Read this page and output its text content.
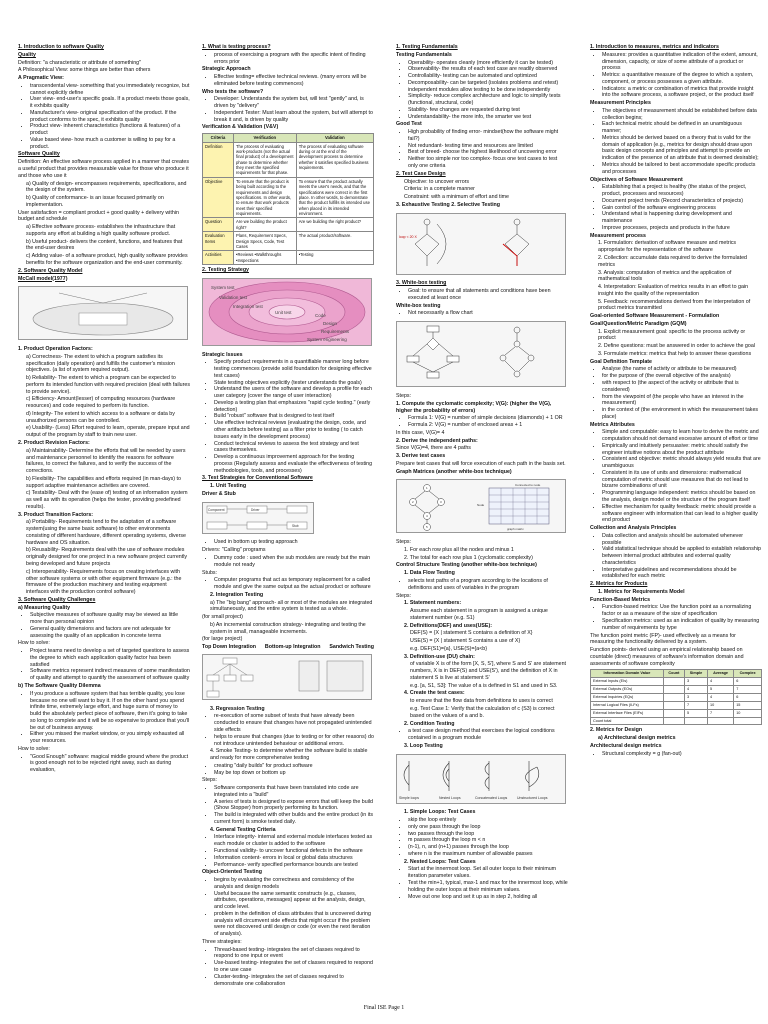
1. Introduction to software Quality

Quality

Definition: "a characteristic or attribute of something"

A Philosophical View: some things are better than others

A Pragmatic View:

• transcendental view- something that you immediately recognize, but cannot explicitly define
• User view- end-user's specific goals. If a product meets those goals, it exhibits quality
• Manufacturer's view- original specification of the product. If the product conforms to the spec, it exhibits quality
• Product view- inherent characteristics (functions & features) of a product
• Value based view- how much a customer is willing to pay for a product.

Software Quality

Definition: An effective software process applied in a manner that creates a useful product that provides measurable value for those who produce it and those who use it

a) Quality of design- encompasses requirements, specifications, and the design of the system.

b) Quality of conformance- is an issue focused primarily on implementation.

User satisfaction = compliant product + good quality + delivery within budget and schedule

a) Effective software process- establishes the infrastructure that supports any effort at building a high quality software product.

b) Useful product- delivers the content, functions, and features that the end-user desires

c) Adding value- of a software product, high quality software provides benefits for the software organization and the end-user community.

2. Software Quality Model

McCall model(1977)

1. Product Operation Factors:

a) Correctness- The extent to which a program satisfies its specification (daily operation) and fulfills the customer's mission objectives. (a list of system required output).

b) Reliability- The extent to which a program can be expected to perform its intended function with required precision (deal with failures to provide service).

c) Efficiency- Amount(lesser) of computing resources (hardware resources) and code required to perform its function.

d) Integrity- The extent to which access to a software or data by unauthorized persons can be controlled.

e) Usability- (Less) Effort required to learn, operate, prepare input and output of the program by staff to train new user.

2. Product Revision Factors:

a) Maintainability- Determine the efforts that will be needed by users and maintenance personnel to identify the reasons for software failures, to correct the failures, and to verify the success of the corrections.

b) Flexibility- The capabilities and efforts required (in man-days) to support adaptive maintenance activities are covered.

c) Testability- Deal with the (ease of) testing of an information system as well as with its operation (helps the tester, providing predefined results).

3. Product Transition Factors:

a) Portability- Requirements tend to the adaptation of a software system(using the same basic software) to other environments consisting of different hardware, different operating systems, diverse hardware and OS situation.

b) Reusability- Requirements deal with the use of software modules originally designed for one project in a new software project currently being developed and future projects

c) Interoperability- Requirements focus on creating interfaces with other software systems or with other equipment firmware (e.g.: the firmware of the production machinery and testing equipment interfaces with the production control software)

3. Software Quality Challenges

a) Measuring Quality

• Subjective measures of software quality may be viewed as little more than personal opinion
• General quality dimensions and factors are not adequate for assessing the quality of an application in concrete terms

How to solve:

• Project teams need to develop a set of targeted questions to assess the degree to which each application quality factor has been satisfied
• Software metrics represent indirect measures of some manifestation of quality and attempt to quantify the assessment of software quality

b) The Software Quality Dilemma

• If you produce a software system that has terrible quality, you lose because no one will want to buy it. If on the other hand you spend infinite time, extremely large effort, and huge sums of money to build the absolutely perfect piece of software, then it's going to take so long to complete and it will be so expensive to produce that you'll be out of business anyway.
• Either you missed the market window, or you simply exhausted all your resources.

How to solve:

• "Good Enough" software: magical middle ground where the product is good enough not to be rejected right away, such as during evaluation,

1. What is testing process?

• process of exercising a program with the specific intent of finding errors prior

Strategic Approach

• Effective testing= effective technical reviews. (many errors will be eliminated before testing commences)

Who tests the software?

• Developer: Understands the system but, will test "gently" and, is driven by "delivery"
• Independent Tester: Must learn about the system, but will attempt to break it and, is driven by quality

Verification & Validation (V&V)

Criteria	Verification	Validation
Definition	The process of evaluating work-products (not the actual final product) of a development phase to determine whether they meet the specified requirements for that phase.	The process of evaluating software during or at the end of the development process to determine whether it satisfies specified business requirements.
Objective	To ensure that the product is being built according to the requirements and design specifications. In other words, to ensure that work products meet their specified requirements.	To ensure that the product actually meets the user's needs, and that the specifications were correct in the first place. In other words, to demonstrate that the product fulfills its intended use when placed in its intended environment.
Question	Are we building the product right?	Are we building the right product?
Evaluation Items	Plans, Requirement Specs, Design Specs, Code, Test Cases	The actual product/software.
Activities	•Reviews •Walkthroughs •Inspections	•Testing

2. Testing Strategy

System test
Validation test
Integration test
Unit test
Code
Design
Requirements
System engineering

Strategic Issues

• Specify product requirements in a quantifiable manner long before testing commences (provide solid foundation for designing effective test cases)
• State testing objectives explicitly (tester understands the goals)
• Understand the users of the software and develop a profile for each user category (cover the range of user interaction)
• Develop a testing plan that emphasizes "rapid cycle testing." (early detection)
• Build "robust" software that is designed to test itself
• Use effective technical reviews (evaluating the design, code, and other artifacts before testing) as a filter prior to testing ( to catch issues early in the development process)
• Conduct technical reviews to assess the test strategy and test cases themselves.
• Develop a continuous improvement approach for the testing process (Regularly assess and evaluate the effectiveness of testing methodologies, tools, and processes)

3. Test Strategies for Conventional Software

1. Unit Testing

Driver & Stub

Component	Driver
Stub
• Used in bottom up testing approach

Drivers: "Calling" programs

• Dummy code : used when the sub modules are ready but the main module not ready

Stubs:

• Computer programs that act as temporary replacement for a called module and give the same output as the actual product or software

2. Integration Testing

a) The "big bang" approach- all or most of the modules are integrated simultaneously, and the entire system is tested as a whole.

(for small project)

b) An incremental construction strategy- integrating and testing the system in small, manageable increments.

(for large project)

Top Down Integration Bottom-up Integration Sandwich Testing

3. Regression Testing

• re-execution of some subset of tests that have already been conducted to ensure that changes have not propagated unintended side effects
• helps to ensure that changes (due to testing or for other reasons) do not introduce unintended behaviour or additional errors.

4. Smoke Testing- to determine whether the software build is stable and ready for more comprehensive testing

• creating "daily builds" for product software
• May be top down or bottom up

Steps:

• Software components that have been translated into code are integrated into a "build"
• A series of tests is designed to expose errors that will keep the build (Show Stopper) from properly performing its function.
• The build is integrated with other builds and the entire product (in its current form) is smoke tested daily.

4. General Testing Criteria

• Interface integrity- internal and external module interfaces tested as each module or cluster is added to the software
• Functional validity- to uncover functional defects in the software
• Information content- errors in local or global data structures
• Performance- verify specified performance bounds are tested

Object-Oriented Testing

• begins by evaluating the correctness and consistency of the analysis and design models
• Useful because the same semantic constructs (e.g., classes, attributes, operations, messages) appear at the analysis, design, and code level.
• problem in the definition of class attributes that is uncovered during analysis will circumvent side effects that might occur if the problem were not discovered until design or code (or even the next iteration of analysis).

Three strategies:

• Thread-based testing- integrates the set of classes required to respond to one input or event
• Use-based testing- integrates the set of classes required to respond to one use case
• Cluster-testing- integrates the set of classes required to demonstrate one collaboration

1. Testing Fundamentals

Testing Fundamentals

• Operability- operates cleanly (more efficiently it can be tested)
• Observability- the results of each test case are readily observed
• Controllability- testing can be automated and optimized
• Decomposability- can be targeted (isolates problems and retest) independent modules allow testing to be done independently
• Simplicity- reduce complex architecture and logic to simplify tests (functional, structural, code)
• Stability- few changes are requested during test
• Understandability- the more info, the smarter we test

Good Test

• High probability of finding error- mindset(how the software might fail?)
• Not redundant- testing time and resources are limited
• Best of breed- choose the highest likelihood of uncovering error
• Neither too simple nor too complex- focus one test cases to test only one criteria

2. Test Case Design

Objective: to uncover errors

Criteria: in a complete manner

Constraint: with a minimum of effort and time

3. Exhaustive Testing 2. Selective Testing

loop < 20 X

3. White-box testing

• Goal: to ensure that all statements and conditions have been executed at least once

White-box testing

• Not necessarily a flow chart

Steps:

1. Compute the cyclomatic complexity; V(G): (higher the V(G), higher the probability of errors)

• Formula 1: V(G) = number of simple decisions (diamonds) + 1 OR
• Formula 2: V(G) = number of enclosed areas + 1

In this case, V(G)= 4

2. Derive the independent paths:

Since V(G)=4, there are 4 paths

3. Derive test cases

Prepare test cases that will force execution of each path in the basis set.

Graph Matrices (another white-box technique)

Connected to node
Node
graph matrix
1
2	3
4
5

Steps:

1. For each row plus all the nodes and minus 1

2. The total for each row plus 1 (cyclomatic complexity)

Control Structure Testing (another white-box technique)

1. Data Flow Testing

• selects test paths of a program according to the locations of definitions and uses of variables in the program

Steps:

1. Statement numbers:

Assume each statement in a program is assigned a unique statement number (e.g. S1)

2. Definitions(DEF) and uses(USE):

DEF(S) = {X | statement S contains a definition of X}

USE(S) = {X | statement S contains a use of X}

e.g. DEF(S1)={a}, USE(S)={a<b}

3. Definition-use (DU) chain:

of variable X is of the form [X, S, S'], where S and S' are statement numbers, X is in DEF(S) and USE(S'), and the definition of X in statement S is live at statement S'

e.g. [a, S1, S3]: The value of a is defined in S1 and used in S3.

4. Create the test cases:

to ensure that the flow data from definitions to uses is correct

e.g. Test Case 1: Verify that the calculation of c (S3) is correct based on the values of a and b.

2. Condition Testing

• a test case design method that exercises the logical conditions contained in a program module

3. Loop Testing

Simple loops	Nested Loops	Concatenated Loops	Unstructured Loops

1. Simple Loops: Test Cases

• skip the loop entirely
• only one pass through the loop
• two passes through the loop
• m passes through the loop m < n
• (n-1), n, and (n+1) passes through the loop
• where n is the maximum number of allowable passes

2. Nested Loops: Test Cases

• Start at the innermost loop. Set all outer loops to their minimum iteration parameter values.
• Test the min+1, typical, max-1 and max for the innermost loop, while holding the outer loops at their minimum values.
• Move out one loop and set it up as in step 2, holding all

1. Introduction to measures, metrics and indicators

• Measures: provides a quantitative indication of the extent, amount, dimension, capacity, or size of some attribute of a product or process
• Metrics: a quantitative measure of the degree to which a system, component, or process possesses a given attribute.
• Indicators: a metric or combination of metrics that provide insight into the software process, a software project, or the product itself

Measurement Principles

• The objectives of measurement should be established before data collection begins;
• Each technical metric should be defined in an unambiguous manner;
• Metrics should be derived based on a theory that is valid for the domain of application (e.g., metrics for design should draw upon basic design concepts and principles and attempt to provide an indication of the presence of an attribute that is deemed desirable);
• Metrics should be tailored to best accommodate specific products and processes

Objectives of Software Measurement

• Establishing that a project is healthy (the status of the project, product, processes and resources)
• Document project trends (Record characteristics of projects)
• Gain control of the software engineering process
• Understand what is happening during development and maintenance
• Improve processes, projects and products in the future

Measurement process

1. Formulation: derivation of software measure and metrics appropriate for the representation of the software

2. Collection: accumulate data required to derive the formulated metrics

3. Analysis: computation of metrics and the application of mathematical tools

4. Interpretation: Evaluation of metrics results in an effort to gain insight into the quality of the representation

5. Feedback: recommendations derived from the interpretation of product metrics transmitted

Goal-oriented Software Measurement - Formulation

Goal/Question/Metric Paradigm (GQM)

1. Explicit measurement goal: specific to the process activity or product

2. Define questions: must be answered in order to achieve the goal

3. Formulate metrics: metrics that help to answer these questions

Goal Definition Template

• Analyse (the name of activity or attribute to be measured)
• for the purpose of (the overall objective of the analysis)
• with respect to (the aspect of the activity or attribute that is considered)
• from the viewpoint of (the people who have an interest in the measurement)
• in the context of (the environment in which the measurement takes place)

Metrics Attributes

• Simple and computable: easy to learn how to derive the metric and computation should not demand excessive amount of effort or time
• Empirically and intuitively persuasive: metric should satisfy the engineer intuitive notions about the product attribute
• Consistent and objective: metric should always yield results that are unambiguous
• Consistent in its use of units and dimensions: mathematical computation of metric should use measures that do not lead to bizarre combinations of unit
• Programming language independent: metrics should be based on the analysis, design model or the structure of the program itself
• Effective mechanism for quality feedback: metric should provide a software engineer with information that can lead to a higher quality end product

Collection and Analysis Principles

• Data collection and analysis should be automated whenever possible
• Valid statistical technique should be applied to establish relationship between internal product attributes and external quality characteristics
• Interpretative guidelines and recommendations should be established for each metric

2. Metrics for Products

1. Metrics for Requirements Model

Function-Based Metrics

• Function-based metrics: Use the function point as a normalizing factor or as a measure of the size of specification
• Specification metrics: used as an indication of quality by measuring number of requirements by type

The function point metric (FP)- used effectively as a means for measuring the functionality delivered by a system.

Function points- derived using an empirical relationship based on countable (direct) measures of software's information domain and assessments of software complexity

Information Domain Value	Count	Simple	Average	Complex
External Inputs (EIs)		3	4	6
External Outputs (EOs)		4	5	7
External Inquiries (EQs)		3	4	6
Internal Logical Files (ILFs)		7	10	15
External Interface Files (EIFs)		5	7	10
Count total				

2. Metrics for Design

a) Architectural design metrics

Architectural design metrics

• Structural complexity = g (fan-out)
Final ISE Page 1
